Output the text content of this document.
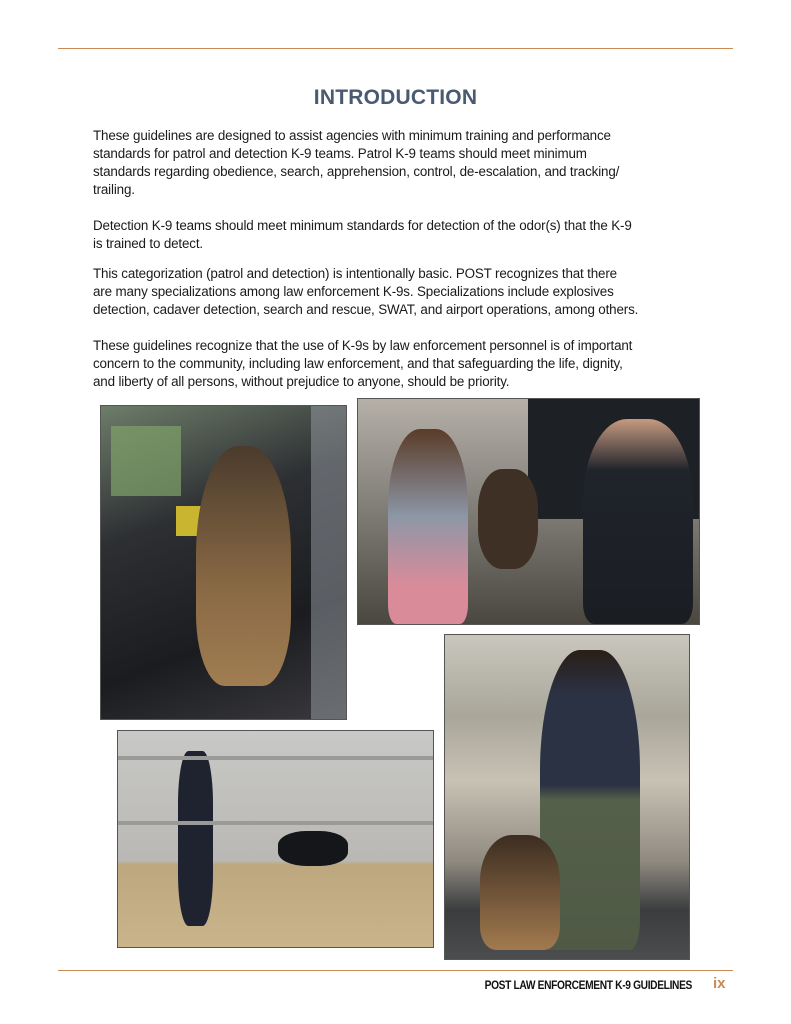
INTRODUCTION
These guidelines are designed to assist agencies with minimum training and performance
standards for patrol and detection K-9 teams. Patrol K-9 teams should meet minimum
standards regarding obedience, search, apprehension, control, de-escalation, and tracking/
trailing.
Detection K-9 teams should meet minimum standards for detection of the odor(s) that the K-9
is trained to detect.
This categorization (patrol and detection) is intentionally basic. POST recognizes that there
are many specializations among law enforcement K-9s. Specializations include explosives
detection, cadaver detection, search and rescue, SWAT, and airport operations, among others.
These guidelines recognize that the use of K-9s by law enforcement personnel is of important
concern to the community, including law enforcement, and that safeguarding the life, dignity,
and liberty of all persons, without prejudice to anyone, should be priority.
POST LAW ENFORCEMENT K-9 GUIDELINES ix
